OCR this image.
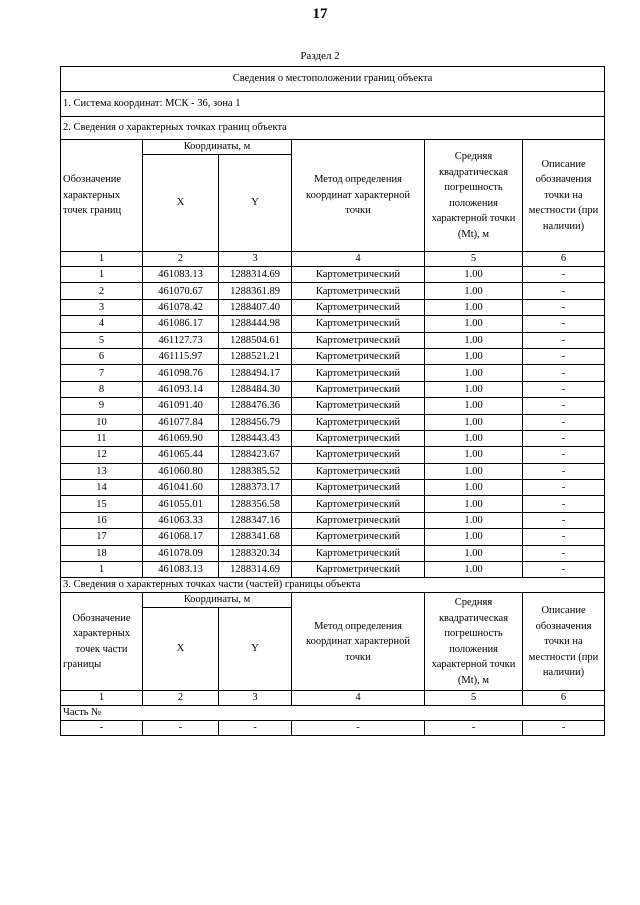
17
Раздел 2
Сведения о местоположении границ объекта					
1. Система координат: МСК - 36, зона 1					
2. Сведения о характерных точках границ объекта					
Обозначение характерных точек границ	Координаты, м		Метод определения координат характерной точки	Средняя квадратическая погрешность положения характерной точки (Mt), м	Описание обозначения точки на местности (при наличии)
	X	Y			
1	2	3	4	5	6
1	461083.13	1288314.69	Картометрический	1.00	-
2	461070.67	1288361.89	Картометрический	1.00	-
3	461078.42	1288407.40	Картометрический	1.00	-
4	461086.17	1288444.98	Картометрический	1.00	-
5	461127.73	1288504.61	Картометрический	1.00	-
6	461115.97	1288521.21	Картометрический	1.00	-
7	461098.76	1288494.17	Картометрический	1.00	-
8	461093.14	1288484.30	Картометрический	1.00	-
9	461091.40	1288476.36	Картометрический	1.00	-
10	461077.84	1288456.79	Картометрический	1.00	-
11	461069.90	1288443.43	Картометрический	1.00	-
12	461065.44	1288423.67	Картометрический	1.00	-
13	461060.80	1288385.52	Картометрический	1.00	-
14	461041.60	1288373.17	Картометрический	1.00	-
15	461055.01	1288356.58	Картометрический	1.00	-
16	461063.33	1288347.16	Картометрический	1.00	-
17	461068.17	1288341.68	Картометрический	1.00	-
18	461078.09	1288320.34	Картометрический	1.00	-
1	461083.13	1288314.69	Картометрический	1.00	-
3. Сведения о характерных точках части (частей) границы объекта					
Обозначение характерных точек части границы	Координаты, м		Метод определения координат характерной точки	Средняя квадратическая погрешность положения характерной точки (Mt), м	Описание обозначения точки на местности (при наличии)
	X	Y			
1	2	3	4	5	6
Часть №					
-	-	-	-	-	-
